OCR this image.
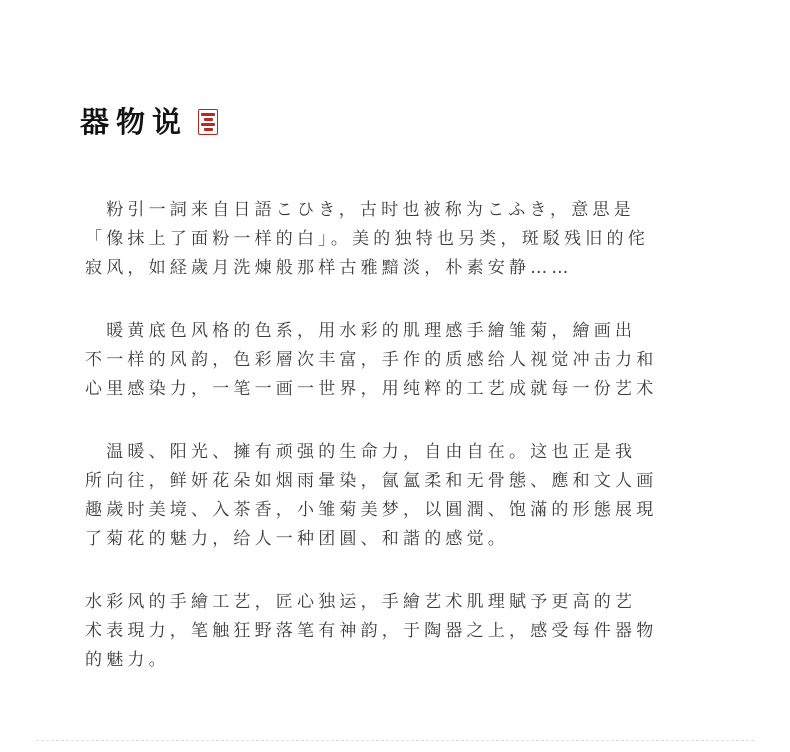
器物说

　粉引一詞来自日語こひき，古时也被称为こふき，意思是
「像抹上了面粉一样的白」。美的独特也另类，斑駁残旧的侘
寂风，如経歲月洗煉般那样古雅黯淡，朴素安静……

　暖黄底色风格的色系，用水彩的肌理感手繪雏菊，繪画出
不一样的风韵，色彩層次丰富，手作的质感给人视觉冲击力和
心里感染力，一笔一画一世界，用纯粹的工艺成就每一份艺术

　温暖、阳光、擁有顽强的生命力，自由自在。这也正是我
所向往，鲜妍花朵如烟雨暈染，氤氳柔和无骨態、應和文人画
趣歲时美境、入茶香，小雏菊美梦，以圓潤、饱滿的形態展現
了菊花的魅力，给人一种团圓、和諧的感觉。

水彩风的手繪工艺，匠心独运，手繪艺术肌理賦予更高的艺
术表現力，笔触狂野落笔有神韵，于陶器之上，感受每件器物
的魅力。
